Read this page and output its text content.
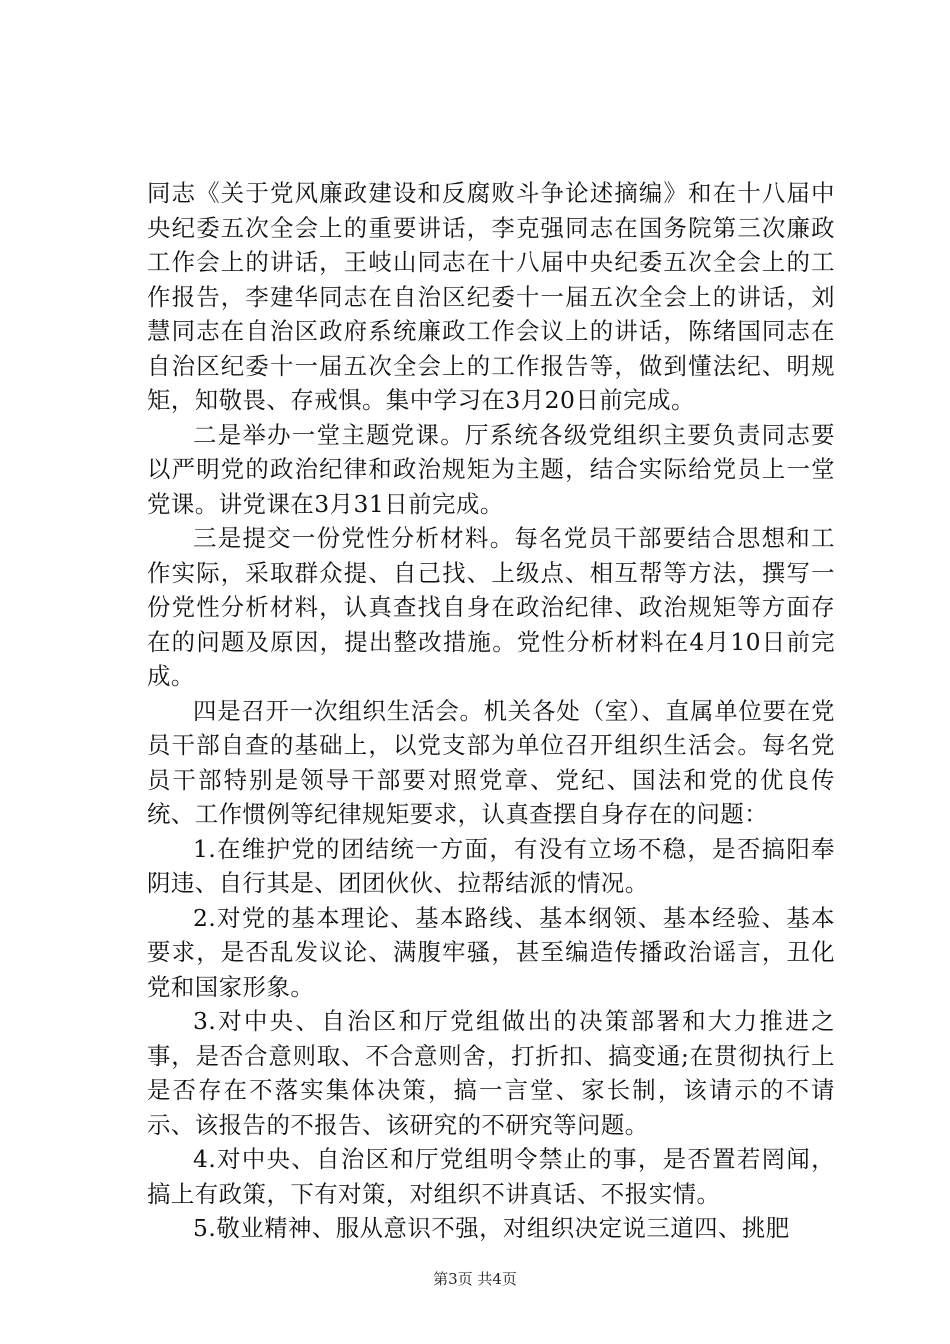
同志《关于党风廉政建设和反腐败斗争论述摘编》和在十八届中央纪委五次全会上的重要讲话，李克强同志在国务院第三次廉政工作会上的讲话，王岐山同志在十八届中央纪委五次全会上的工作报告，李建华同志在自治区纪委十一届五次全会上的讲话，刘慧同志在自治区政府系统廉政工作会议上的讲话，陈绪国同志在自治区纪委十一届五次全会上的工作报告等，做到懂法纪、明规矩，知敬畏、存戒惧。集中学习在3月20日前完成。

二是举办一堂主题党课。厅系统各级党组织主要负责同志要以严明党的政治纪律和政治规矩为主题，结合实际给党员上一堂党课。讲党课在3月31日前完成。

三是提交一份党性分析材料。每名党员干部要结合思想和工作实际，采取群众提、自己找、上级点、相互帮等方法，撰写一份党性分析材料，认真查找自身在政治纪律、政治规矩等方面存在的问题及原因，提出整改措施。党性分析材料在4月10日前完成。

四是召开一次组织生活会。机关各处（室）、直属单位要在党员干部自查的基础上，以党支部为单位召开组织生活会。每名党员干部特别是领导干部要对照党章、党纪、国法和党的优良传统、工作惯例等纪律规矩要求，认真查摆自身存在的问题：

1.在维护党的团结统一方面，有没有立场不稳，是否搞阳奉阴违、自行其是、团团伙伙、拉帮结派的情况。

2.对党的基本理论、基本路线、基本纲领、基本经验、基本要求，是否乱发议论、满腹牢骚，甚至编造传播政治谣言，丑化党和国家形象。

3.对中央、自治区和厅党组做出的决策部署和大力推进之事，是否合意则取、不合意则舍，打折扣、搞变通;在贯彻执行上是否存在不落实集体决策，搞一言堂、家长制，该请示的不请示、该报告的不报告、该研究的不研究等问题。

4.对中央、自治区和厅党组明令禁止的事，是否置若罔闻，搞上有政策，下有对策，对组织不讲真话、不报实情。

5.敬业精神、服从意识不强，对组织决定说三道四、挑肥

第3页 共4页
